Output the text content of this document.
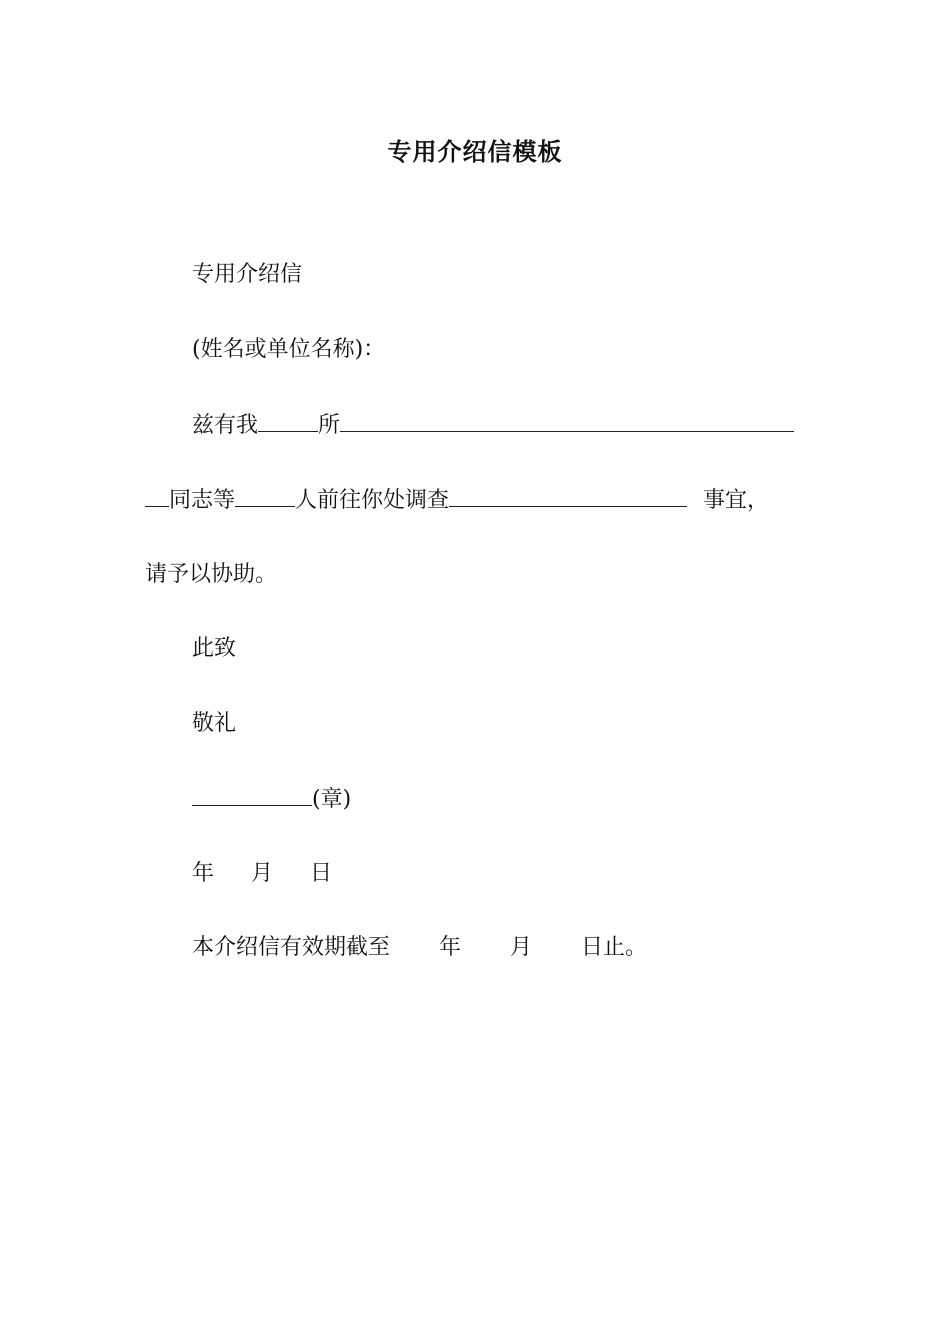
专用介绍信模板
专用介绍信
(姓名或单位名称)：
兹有我	所
同志等	人前往你处调查	事宜，
请予以协助。
此致
敬礼
(章)
年 月 日
本介绍信有效期截至 年 月 日止。
